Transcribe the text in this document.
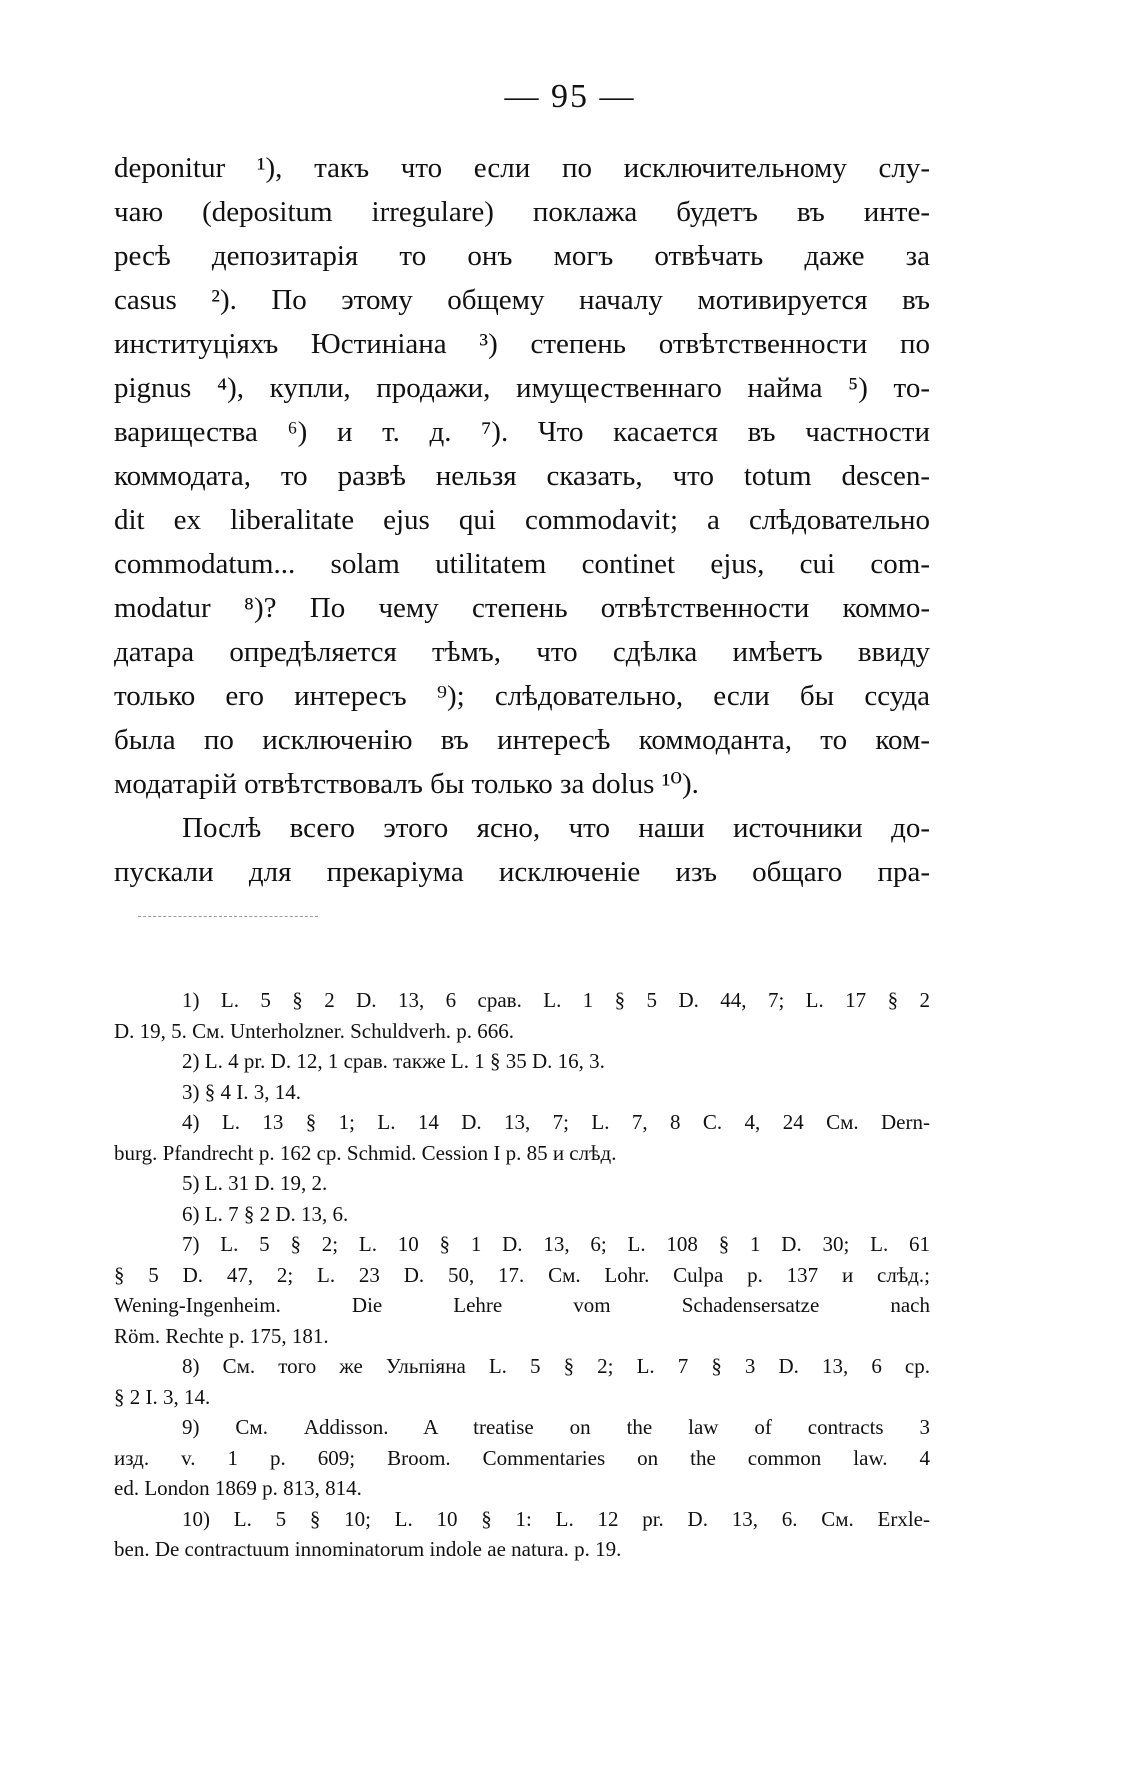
— 95 —
deponitur ¹), такъ что если по исключительному слу-
чаю (depositum irregulare) поклажа будетъ въ инте-
ресѣ депозитарія то онъ могъ отвѣчать даже за
casus ²). По этому общему началу мотивируется въ
институціяхъ Юстиніана ³) степень отвѣтственности по
pignus ⁴), купли, продажи, имущественнаго найма ⁵) то-
варищества ⁶) и т. д. ⁷). Что касается въ частности
коммодата, то развѣ нельзя сказать, что totum descen-
dit ex liberalitate ejus qui commodavit; а слѣдовательно
commodatum... solam utilitatem continet ejus, cui com-
modatur ⁸)? По чему степень отвѣтственности коммо-
датара опредѣляется тѣмъ, что сдѣлка имѣетъ ввиду
только его интересъ ⁹); слѣдовательно, если бы ссуда
была по исключенію въ интересѣ коммоданта, то ком-
модатарій отвѣтствовалъ бы только за dolus ¹⁰).
Послѣ всего этого ясно, что наши источники до-
пускали для прекаріума исключеніе изъ общаго пра-
1) L. 5 § 2 D. 13, 6 срав. L. 1 § 5 D. 44, 7; L. 17 § 2
D. 19, 5. См. Unterholzner. Schuldverh. p. 666.
2) L. 4 pr. D. 12, 1 срав. также L. 1 § 35 D. 16, 3.
3) § 4 I. 3, 14.
4) L. 13 § 1; L. 14 D. 13, 7; L. 7, 8 C. 4, 24 См. Dern-
burg. Pfandrecht p. 162 cp. Schmid. Cession I p. 85 и слѣд.
5) L. 31 D. 19, 2.
6) L. 7 § 2 D. 13, 6.
7) L. 5 § 2; L. 10 § 1 D. 13, 6; L. 108 § 1 D. 30; L. 61
§ 5 D. 47, 2; L. 23 D. 50, 17. См. Lohr. Culpa p. 137 и слѣд.;
Wening-Ingenheim. Die Lehre vom Schadensersatze nach
Röm. Rechte p. 175, 181.
8) См. того же Ульпіяна L. 5 § 2; L. 7 § 3 D. 13, 6 cp.
§ 2 I. 3, 14.
9) См. Addisson. A treatise on the law of contracts 3
изд. v. 1 p. 609; Broom. Commentaries on the common law. 4
ed. London 1869 p. 813, 814.
10) L. 5 § 10; L. 10 § 1: L. 12 pr. D. 13, 6. См. Erxle-
ben. De contractuum innominatorum indole ae natura. p. 19.
